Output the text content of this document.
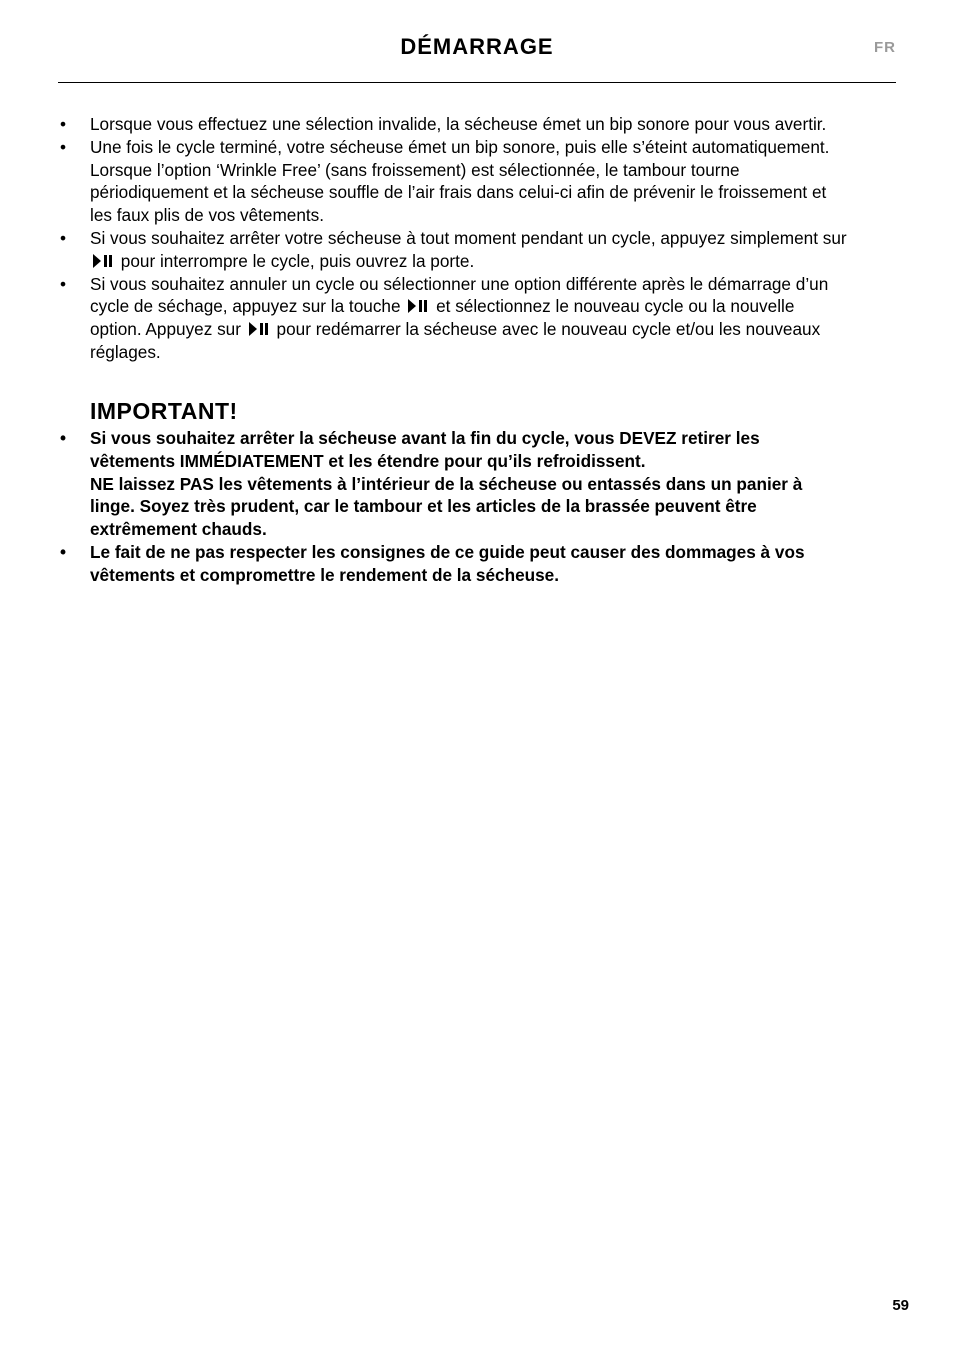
DÉMARRAGE	FR
• Lorsque vous effectuez une sélection invalide, la sécheuse émet un bip sonore pour vous avertir.
• Une fois le cycle terminé, votre sécheuse émet un bip sonore, puis elle s’éteint automatiquement. Lorsque l’option ‘Wrinkle Free’ (sans froissement) est sélectionnée, le tambour tourne périodiquement et la sécheuse souffle de l’air frais dans celui-ci afin de prévenir le froissement et les faux plis de vos vêtements.
• Si vous souhaitez arrêter votre sécheuse à tout moment pendant un cycle, appuyez simplement sur  pour interrompre le cycle, puis ouvrez la porte.
• Si vous souhaitez annuler un cycle ou sélectionner une option différente après le démarrage d’un cycle de séchage, appuyez sur la touche et sélectionnez le nouveau cycle ou la nouvelle option. Appuyez sur pour redémarrer la sécheuse avec le nouveau cycle et/ou les nouveaux réglages.
IMPORTANT!
• Si vous souhaitez arrêter la sécheuse avant la fin du cycle, vous DEVEZ retirer les vêtements IMMÉDIATEMENT et les étendre pour qu’ils refroidissent.
NE laissez PAS les vêtements à l’intérieur de la sécheuse ou entassés dans un panier à linge. Soyez très prudent, car le tambour et les articles de la brassée peuvent être extrêmement chauds.
• Le fait de ne pas respecter les consignes de ce guide peut causer des dommages à vos vêtements et compromettre le rendement de la sécheuse.
59
